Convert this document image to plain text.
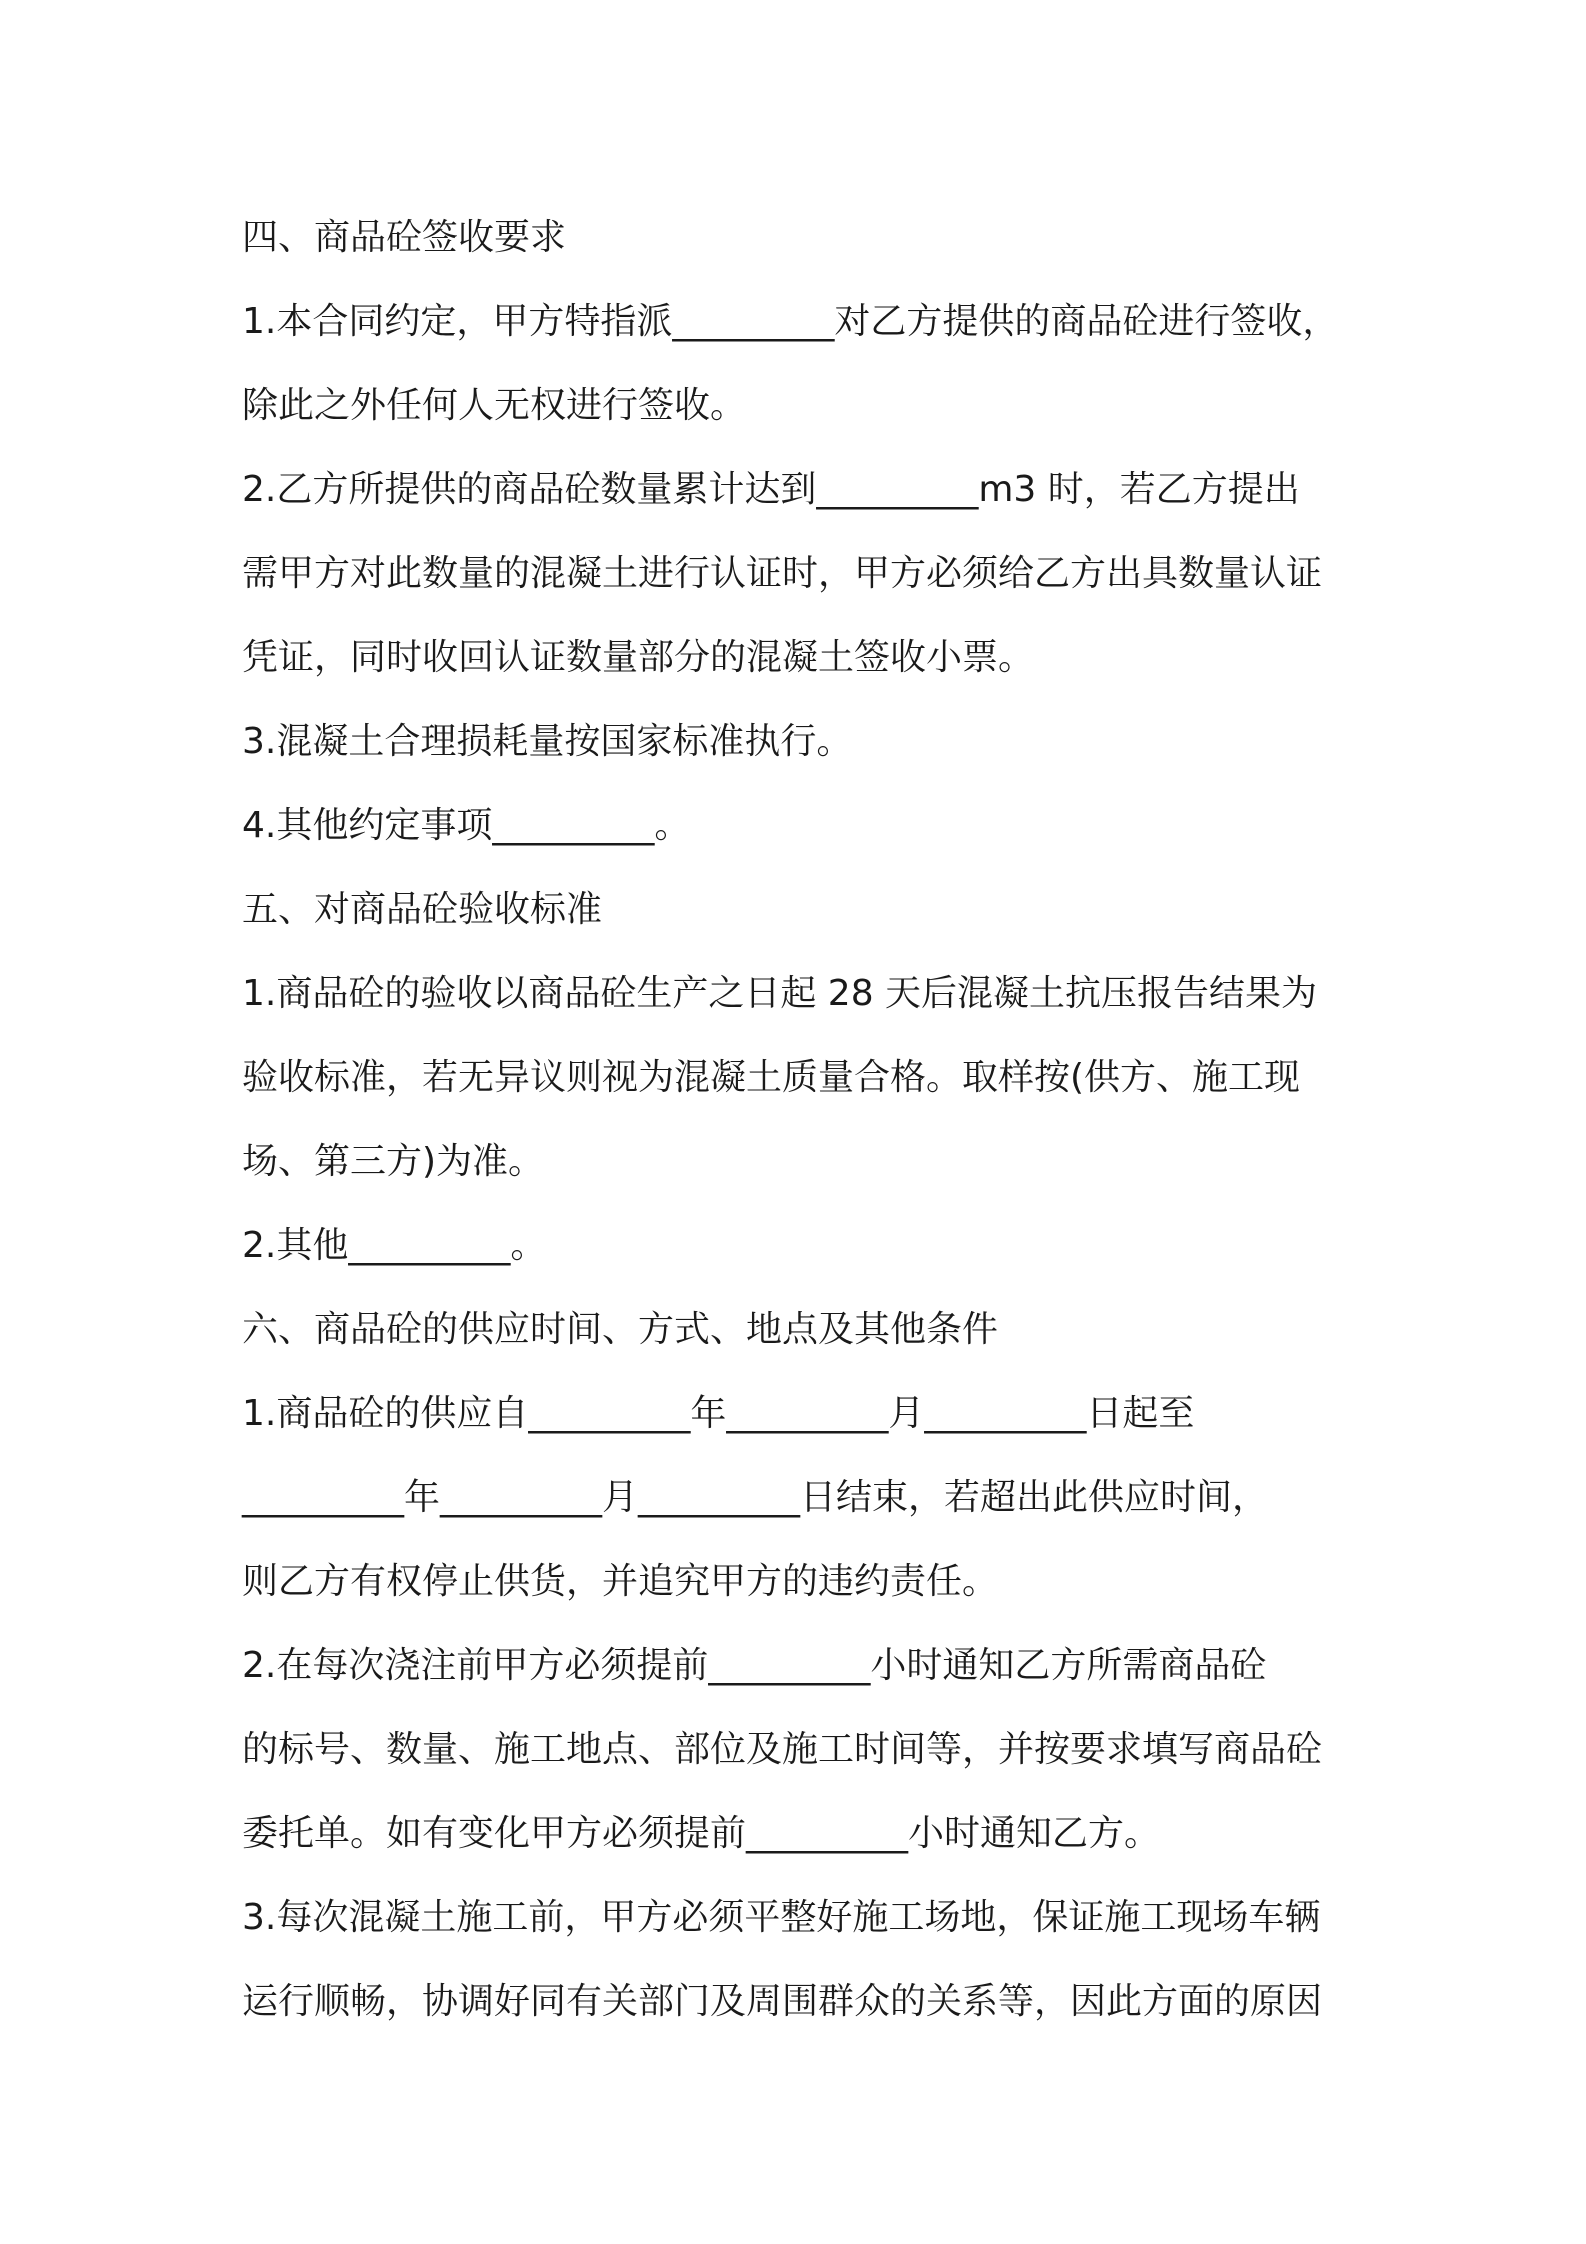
四、商品砼签收要求
1.本合同约定，甲方特指派_________对乙方提供的商品砼进行签收，
除此之外任何人无权进行签收。
2.乙方所提供的商品砼数量累计达到_________m3 时，若乙方提出
需甲方对此数量的混凝土进行认证时，甲方必须给乙方出具数量认证
凭证，同时收回认证数量部分的混凝土签收小票。
3.混凝土合理损耗量按国家标准执行。
4.其他约定事项_________。
五、对商品砼验收标准
1.商品砼的验收以商品砼生产之日起 28 天后混凝土抗压报告结果为
验收标准，若无异议则视为混凝土质量合格。取样按(供方、施工现
场、第三方)为准。
2.其他_________。
六、商品砼的供应时间、方式、地点及其他条件
1.商品砼的供应自_________年_________月_________日起至
_________年_________月_________日结束，若超出此供应时间，
则乙方有权停止供货，并追究甲方的违约责任。
2.在每次浇注前甲方必须提前_________小时通知乙方所需商品砼
的标号、数量、施工地点、部位及施工时间等，并按要求填写商品砼
委托单。如有变化甲方必须提前_________小时通知乙方。
3.每次混凝土施工前，甲方必须平整好施工场地，保证施工现场车辆
运行顺畅，协调好同有关部门及周围群众的关系等，因此方面的原因
